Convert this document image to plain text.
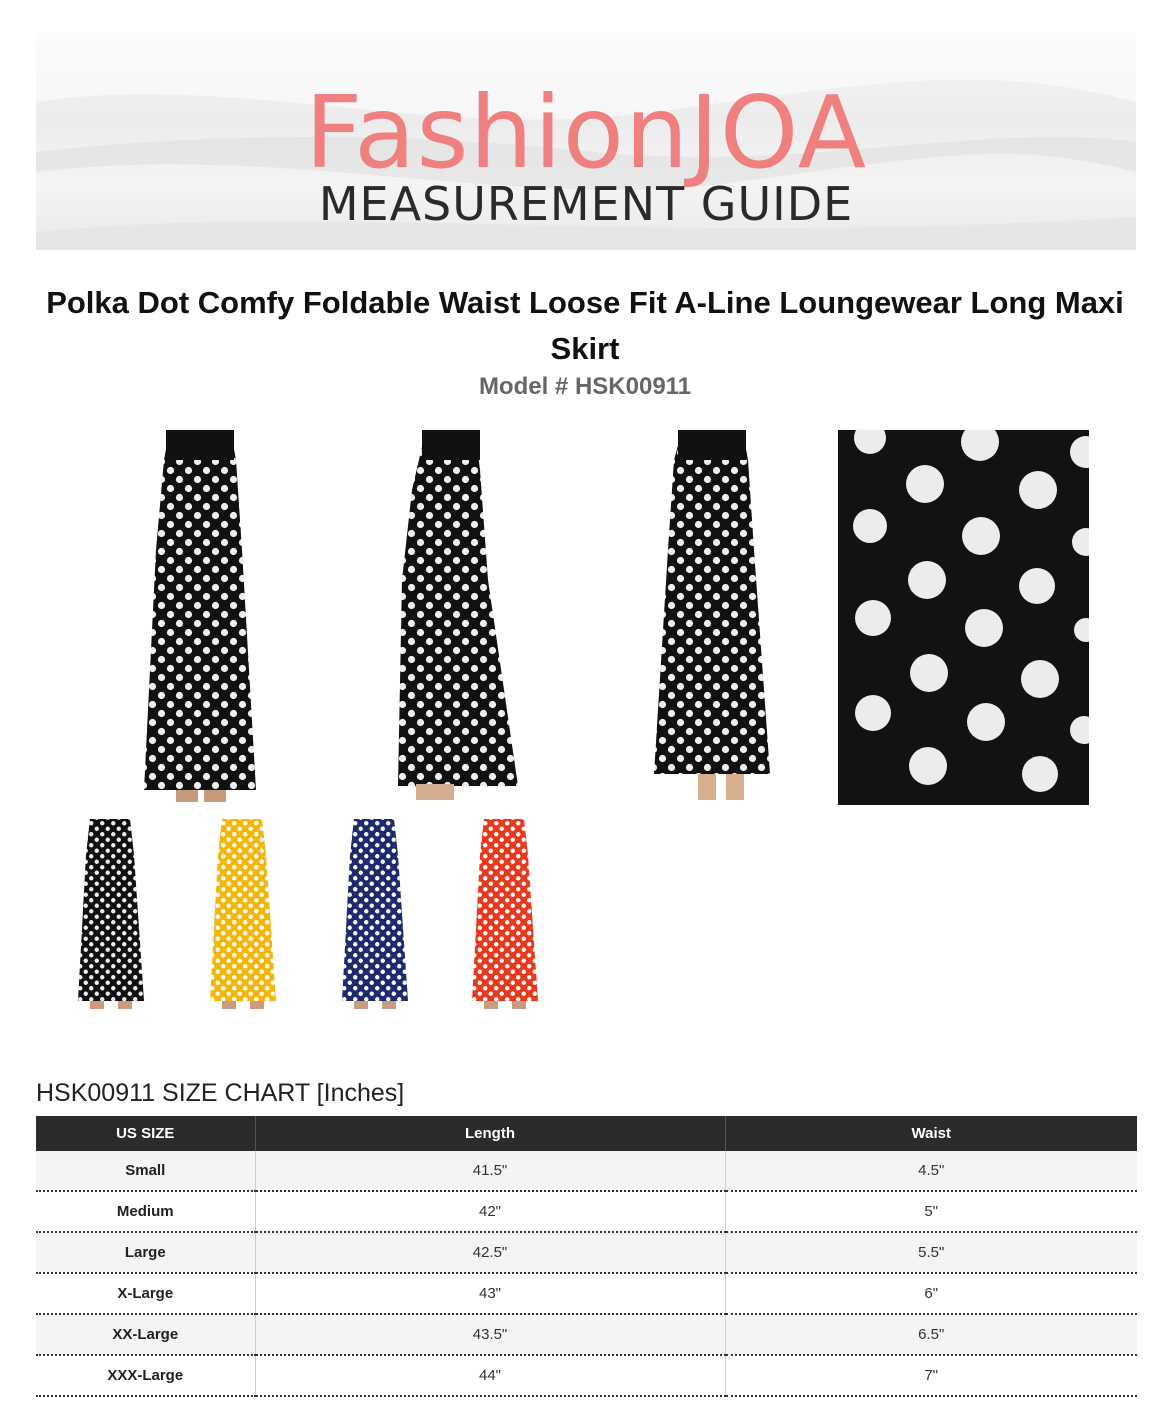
FashionJOA
MEASUREMENT GUIDE
Polka Dot Comfy Foldable Waist Loose Fit A-Line Loungewear Long Maxi Skirt
Model # HSK00911
HSK00911 SIZE CHART [Inches]
US SIZE	Length	Waist
Small	41.5"	4.5"
Medium	42"	5"
Large	42.5"	5.5"
X-Large	43"	6"
XX-Large	43.5"	6.5"
XXX-Large	44"	7"
